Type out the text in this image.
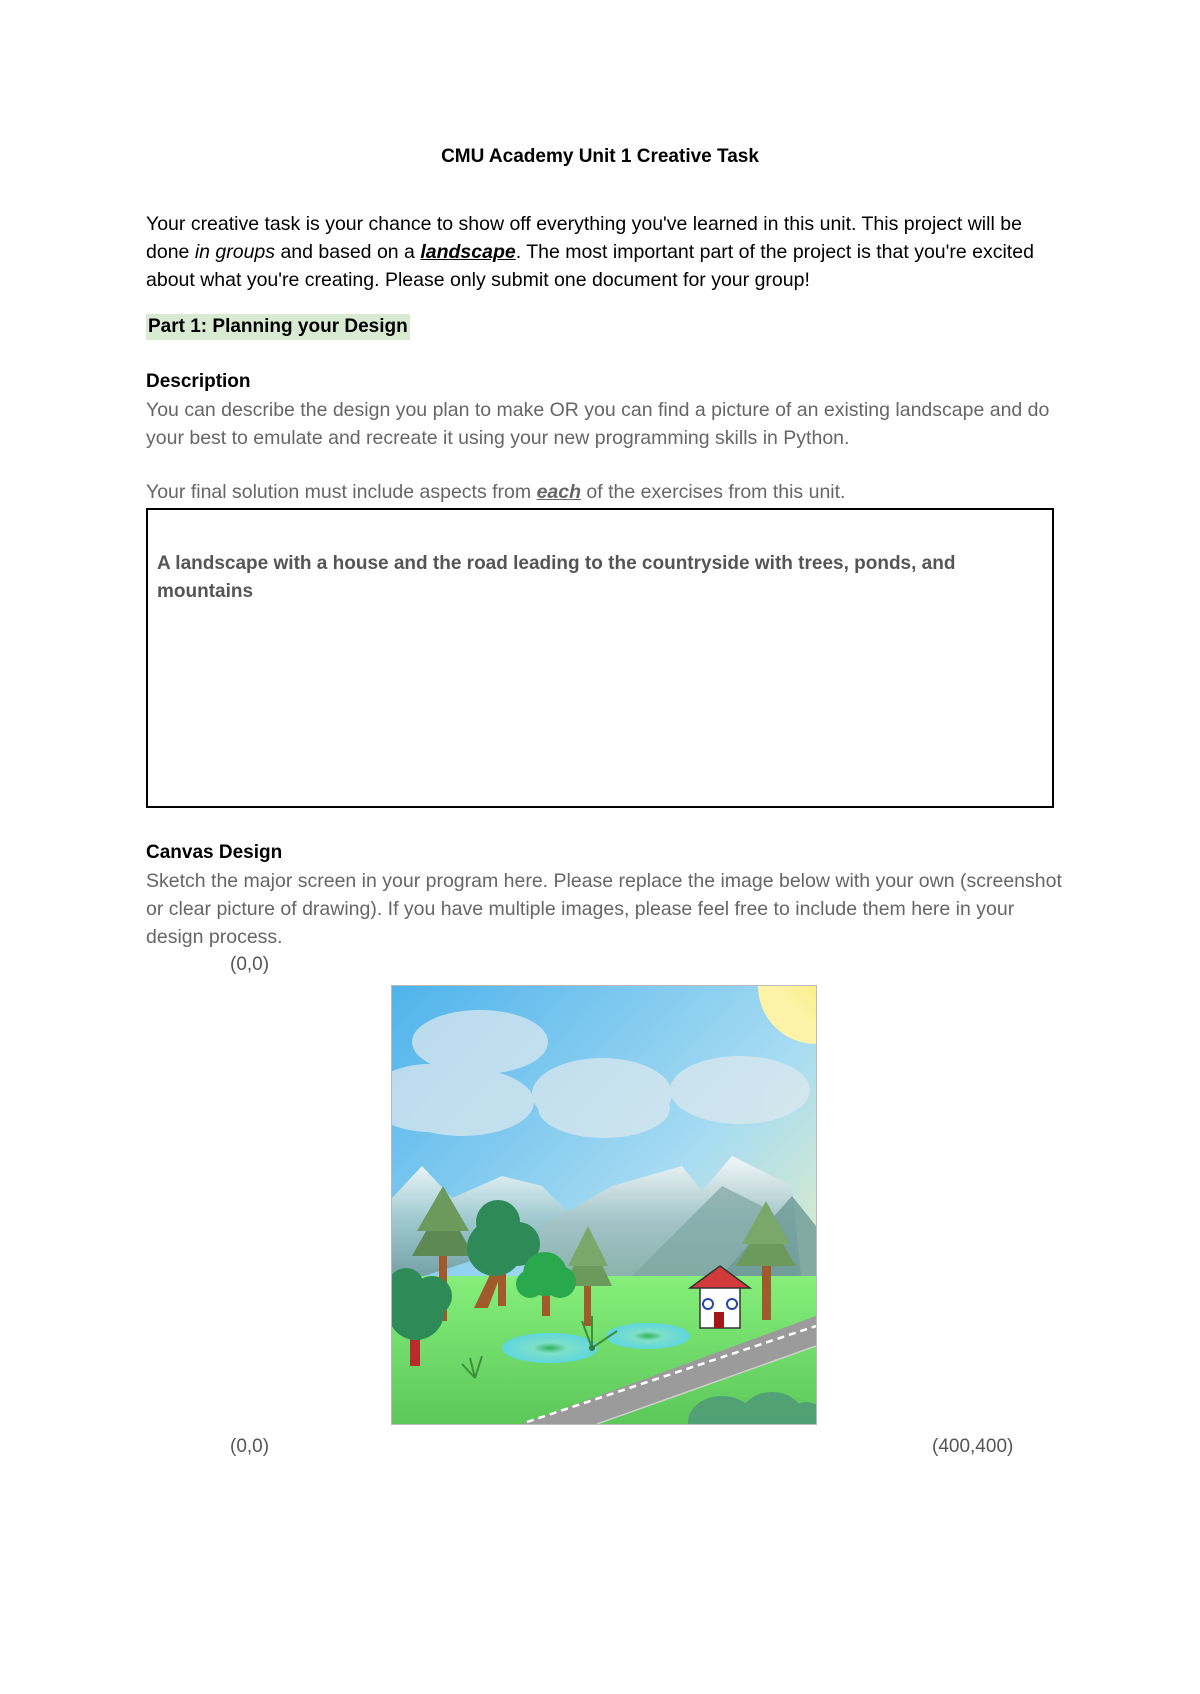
CMU Academy Unit 1 Creative Task

Your creative task is your chance to show off everything you've learned in this unit. This project will be done in groups and based on a landscape. The most important part of the project is that you're excited about what you're creating. Please only submit one document for your group!

Part 1: Planning your Design
Description

You can describe the design you plan to make OR you can find a picture of an existing landscape and do your best to emulate and recreate it using your new programming skills in Python.

Your final solution must include aspects from each of the exercises from this unit.

A landscape with a house and the road leading to the countryside with trees, ponds, and mountains
Canvas Design

Sketch the major screen in your program here. Please replace the image below with your own (screenshot or clear picture of drawing). If you have multiple images, please feel free to include them here in your design process.

(0,0)
(0,0)	(400,400)
